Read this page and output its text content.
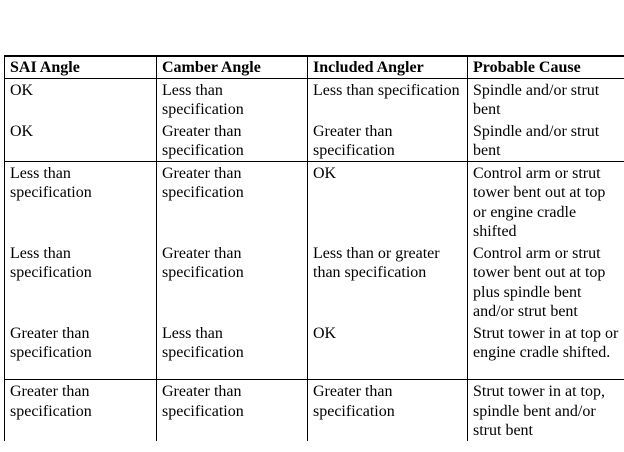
SAI Angle	Camber Angle	Included Angler	Probable Cause
OK	Less than specification	Less than specification	Spindle and/or strut bent
OK	Greater than specification	Greater than specification	Spindle and/or strut bent
Less than specification	Greater than specification	OK	Control arm or strut tower bent out at top or engine cradle shifted
Less than specification	Greater than specification	Less than or greater than specification	Control arm or strut tower bent out at top plus spindle bent and/or strut bent
Greater than specification	Less than specification	OK	Strut tower in at top or engine cradle shifted.
Greater than specification	Greater than specification	Greater than specification	Strut tower in at top, spindle bent and/or strut bent
